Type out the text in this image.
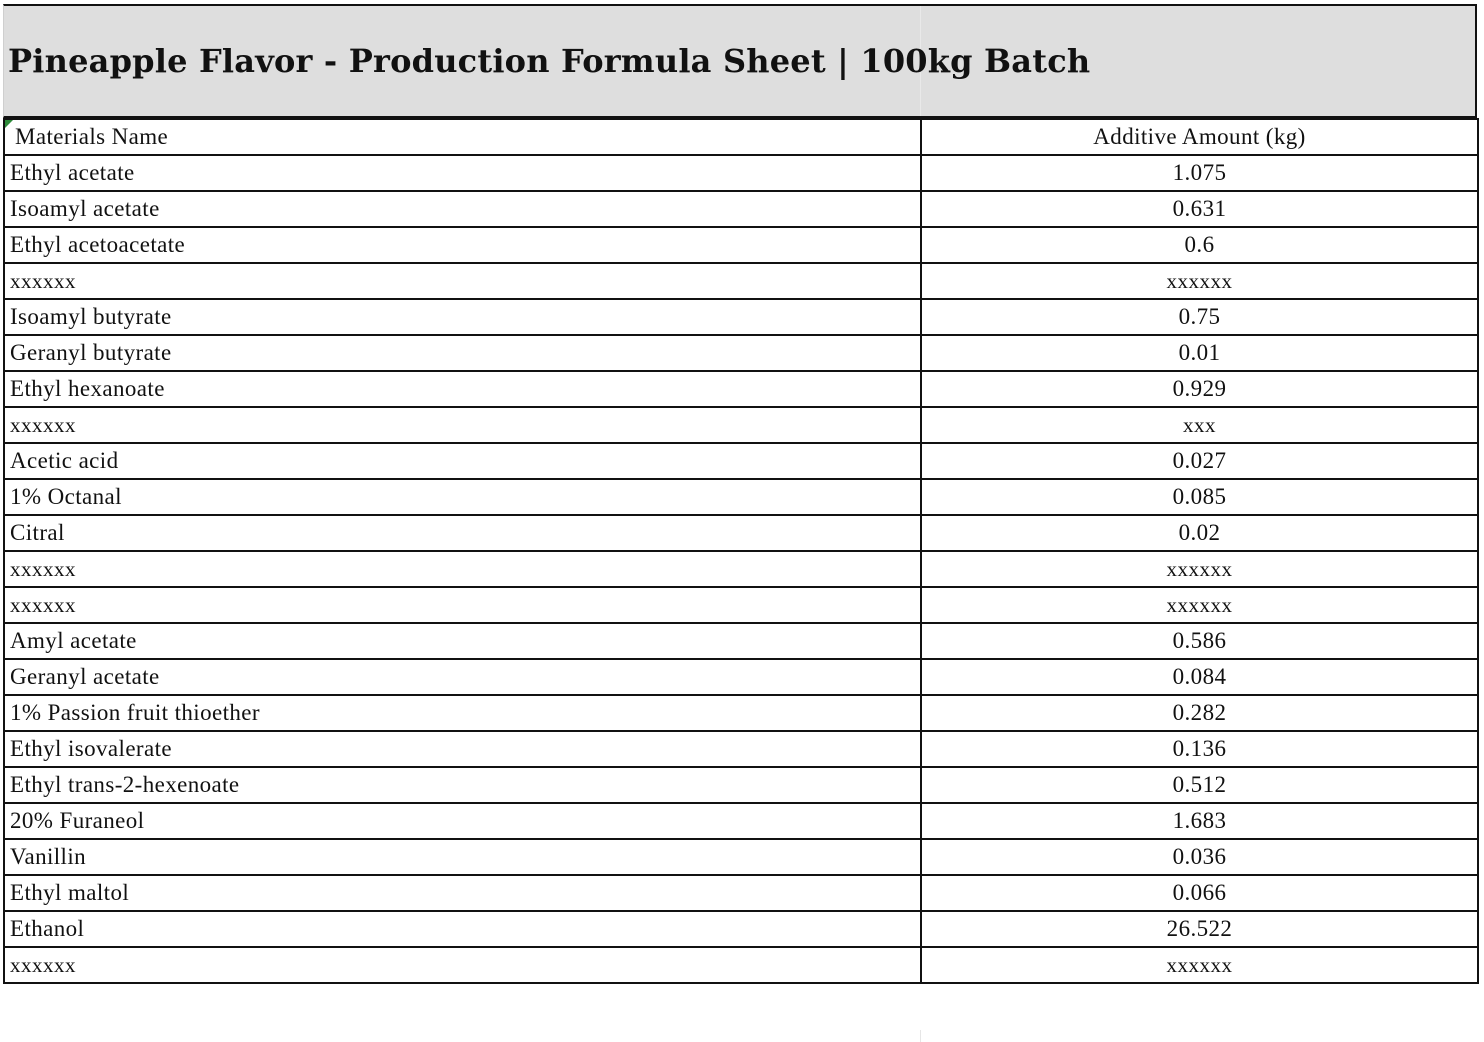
Pineapple Flavor - Production Formula Sheet | 100kg Batch
Materials Name	Additive Amount (kg)
Ethyl acetate	1.075
Isoamyl acetate	0.631
Ethyl acetoacetate	0.6
xxxxxx	xxxxxx
Isoamyl butyrate	0.75
Geranyl butyrate	0.01
Ethyl hexanoate	0.929
xxxxxx	xxx
Acetic acid	0.027
1% Octanal	0.085
Citral	0.02
xxxxxx	xxxxxx
xxxxxx	xxxxxx
Amyl acetate	0.586
Geranyl acetate	0.084
1% Passion fruit thioether	0.282
Ethyl isovalerate	0.136
Ethyl trans-2-hexenoate	0.512
20% Furaneol	1.683
Vanillin	0.036
Ethyl maltol	0.066
Ethanol	26.522
xxxxxx	xxxxxx
